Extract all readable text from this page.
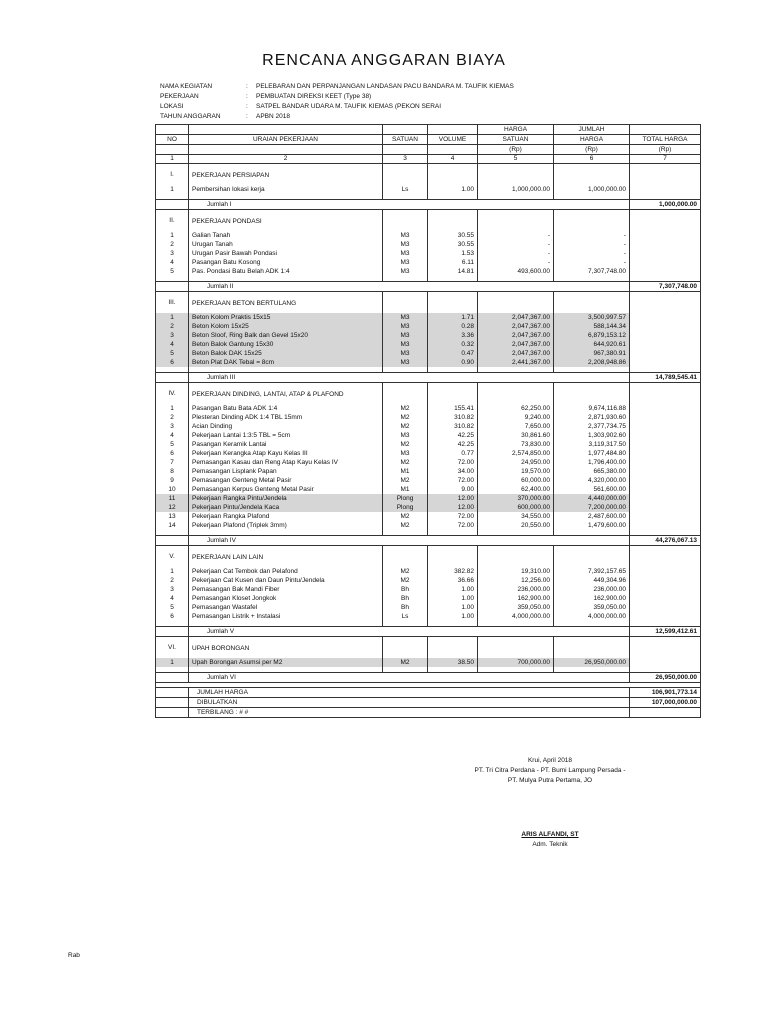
RENCANA ANGGARAN BIAYA
NAMA KEGIATAN	:	PELEBARAN DAN PERPANJANGAN LANDASAN PACU BANDARA M. TAUFIK KIEMAS
PEKERJAAN	:	PEMBUATAN DIREKSI KEET (Type 38)
LOKASI	:	SATPEL BANDAR UDARA M. TAUFIK KIEMAS (PEKON SERAI
TAHUN ANGGARAN	:	APBN 2018
				HARGA	JUMLAH	
NO	URAIAN PEKERJAAN	SATUAN	VOLUME	SATUAN	HARGA	TOTAL HARGA
				(Rp)	(Rp)	(Rp)
1	2	3	4	5	6	7

I.	PEKERJAAN PERSIAPAN					

1	Pembersihan lokasi kerja	Ls	1.00	1,000,000.00	1,000,000.00	

	Jumlah I					1,000,000.00

II.	PEKERJAAN PONDASI					

1	Galian Tanah	M3	30.55	-	-	
2	Urugan Tanah	M3	30.55	-	-	
3	Urugan Pasir Bawah Pondasi	M3	1.53	-	-	
4	Pasangan Batu Kosong	M3	6.11	-	-	
5	Pas. Pondasi Batu Belah ADK 1:4	M3	14.81	493,600.00	7,307,748.00	

	Jumlah II					7,307,748.00

III.	PEKERJAAN BETON BERTULANG					

1	Beton Kolom Praktis 15x15	M3	1.71	2,047,367.00	3,500,997.57	
2	Beton Kolom 15x25	M3	0.28	2,047,367.00	588,144.34	
3	Beton Sloof, Ring Balk dan Gevel 15x20	M3	3.36	2,047,367.00	6,879,153.12	
4	Beton Balok Gantung 15x30	M3	0.32	2,047,367.00	644,920.61	
5	Beton Balok DAK 15x25	M3	0.47	2,047,367.00	967,380.91	
6	Beton Plat DAK Tebal = 8cm	M3	0.90	2,441,367.00	2,208,948.86	

	Jumlah III					14,789,545.41

IV.	PEKERJAAN DINDING, LANTAI, ATAP & PLAFOND					

1	Pasangan Batu Bata ADK 1:4	M2	155.41	62,250.00	9,674,116.88	
2	Plesteran Dinding ADK 1:4 TBL 15mm	M2	310.82	9,240.00	2,871,930.60	
3	Acian Dinding	M2	310.82	7,650.00	2,377,734.75	
4	Pekerjaan Lantai 1:3:5 TBL = 5cm	M3	42.25	30,861.60	1,303,902.60	
5	Pasangan Keramik Lantai	M2	42.25	73,830.00	3,119,317.50	
6	Pekerjaan Kerangka Atap Kayu Kelas III	M3	0.77	2,574,850.00	1,977,484.80	
7	Pemasangan Kasau dan Reng Atap Kayu Kelas IV	M2	72.00	24,950.00	1,796,400.00	
8	Pemasangan Lisplank Papan	M1	34.00	19,570.00	665,380.00	
9	Pemasangan Genteng Metal Pasir	M2	72.00	60,000.00	4,320,000.00	
10	Pemasangan Kerpus Genteng Metal Pasir	M1	9.00	62,400.00	561,600.00	
11	Pekerjaan Rangka Pintu/Jendela	Plong	12.00	370,000.00	4,440,000.00	
12	Pekerjaan Pintu/Jendela Kaca	Plong	12.00	600,000.00	7,200,000.00	
13	Pekerjaan Rangka Plafond	M2	72.00	34,550.00	2,487,600.00	
14	Pekerjaan Plafond (Triplek 3mm)	M2	72.00	20,550.00	1,479,600.00	

	Jumlah IV					44,276,067.13

V.	PEKERJAAN LAIN LAIN					

1	Pekerjaan Cat Tembok dan Pelafond	M2	382.82	19,310.00	7,392,157.65	
2	Pekerjaan Cat Kusen dan Daun Pintu/Jendela	M2	36.66	12,256.00	449,304.96	
3	Pemasangan Bak Mandi Fiber	Bh	1.00	236,000.00	236,000.00	
4	Pemasangan Kloset Jongkok	Bh	1.00	162,900.00	162,900.00	
5	Pemasangan Wastafel	Bh	1.00	359,050.00	359,050.00	
6	Pemasangan Listrik + Instalasi	Ls	1.00	4,000,000.00	4,000,000.00	

	Jumlah V					12,599,412.61

VI.	UPAH BORONGAN					

1	Upah Borongan Asumsi per M2	M2	38.50	700,000.00	26,950,000.00	

	Jumlah VI					26,950,000.00

	JUMLAH HARGA					106,901,773.14
	DIBULATKAN					107,000,000.00
	TERBILANG : # #					
Krui, April 2018
PT. Tri Citra Perdana - PT. Bumi Lampung Persada -
PT. Mulya Putra Pertama, JO
ARIS ALFANDI, ST
Adm. Teknik
Rab
